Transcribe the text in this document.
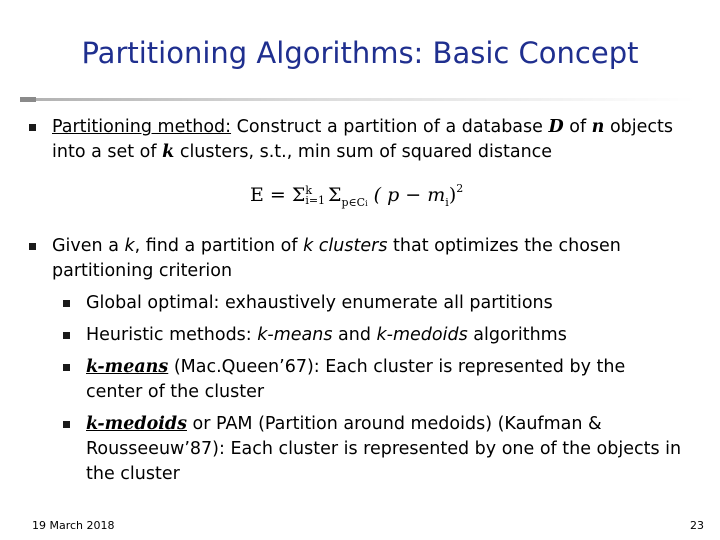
Partitioning Algorithms: Basic Concept
Partitioning method: Construct a partition of a database D of n objects
into a set of k clusters, s.t., min sum of squared distance
E = Σ k
i=1 $\Sigma_{p\in Ci}$ ( $p - m_i)^2$
Given a k, find a partition of k clusters that optimizes the chosen
partitioning criterion
Global optimal: exhaustively enumerate all partitions
Heuristic methods: k-means and k-medoids algorithms
k-means (Mac.Queen’67): Each cluster is represented by the
center of the cluster
k-medoids or PAM (Partition around medoids) (Kaufman &
Rousseeuw’87): Each cluster is represented by one of the objects in
the cluster
19 March 2018	23
